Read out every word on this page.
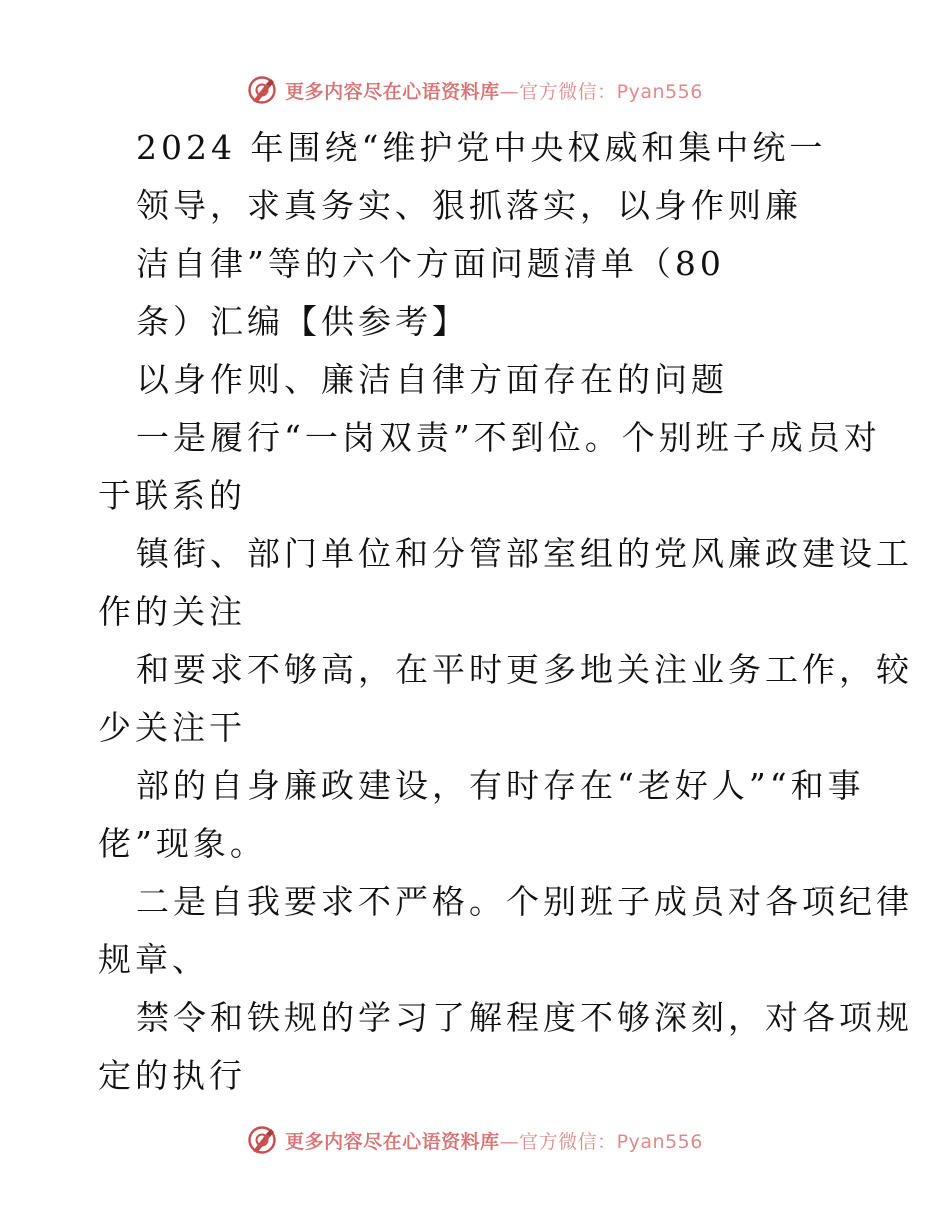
更多内容尽在心语资料库—官方微信：Pyan556
2024 年围绕“维护党中央权威和集中统一
领导，求真务实、狠抓落实，以身作则廉
洁自律”等的六个方面问题清单（80
条）汇编【供参考】
以身作则、廉洁自律方面存在的问题
一是履行“一岗双责”不到位。个别班子成员对
于联系的
镇街、部门单位和分管部室组的党风廉政建设工
作的关注
和要求不够高，在平时更多地关注业务工作，较
少关注干
部的自身廉政建设，有时存在“老好人”“和事
佬”现象。
二是自我要求不严格。个别班子成员对各项纪律
规章、
禁令和铁规的学习了解程度不够深刻，对各项规
定的执行
更多内容尽在心语资料库—官方微信：Pyan556
